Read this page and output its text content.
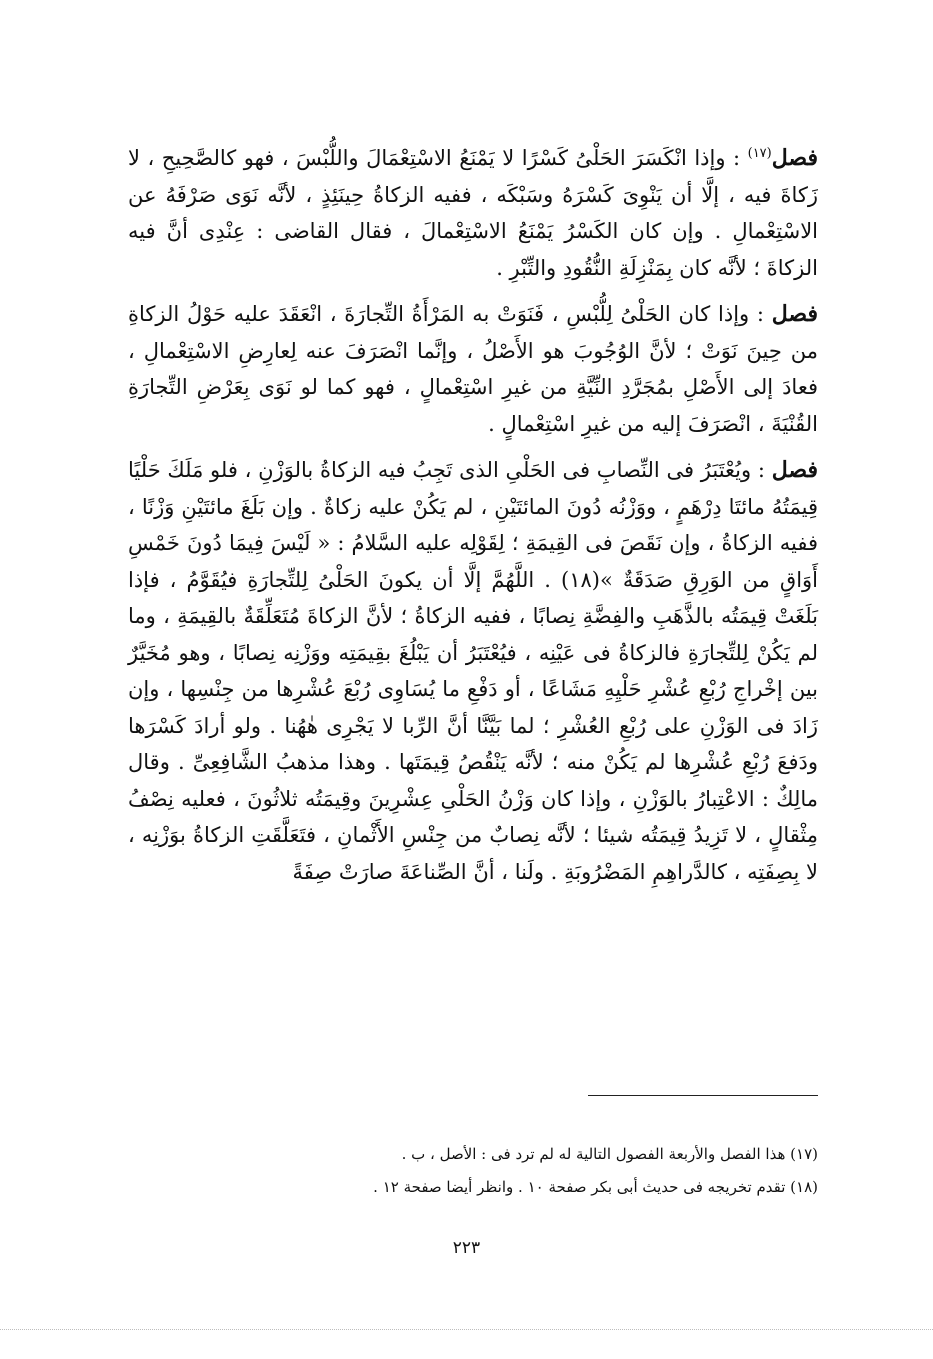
فصل$^{(١٧)}$ : وإذا انْكَسَرَ الحَلْىُ كَسْرًا لا يَمْنَعُ الاسْتِعْمَالَ واللُّبْسَ ، فهو كالصَّحِيحِ ، لا زَكاةَ فيه ، إلَّا أن يَنْوِىَ كَسْرَهُ وسَبْكَه ، ففيه الزكاةُ حِينَئِذٍ ، لأنَّه نَوَى صَرْفَهُ عن الاسْتِعْمالِ . وإن كان الكَسْرُ يَمْنَعُ الاسْتِعْمالَ ، فقال القاضى : عِنْدِى أنَّ فيه الزكاةَ ؛ لأنَّه كان بِمَنْزِلَةِ النُّقُودِ والتِّبْرِ .

فصل : وإذا كان الحَلْىُ لِلُّبْسِ ، فَنَوَتْ به المَرْأَةُ التِّجارَةَ ، انْعَقَدَ عليه حَوْلُ الزكاةِ من حِينَ نَوَتْ ؛ لأنَّ الوُجُوبَ هو الأَصْلُ ، وإنَّما انْصَرَفَ عنه لِعارِضِ الاسْتِعْمالِ ، فعادَ إلى الأَصْلِ بمُجَرَّدِ النِّيَّةِ من غيرِ اسْتِعْمالٍ ، فهو كما لو نَوَى بِعَرْضِ التِّجارَةِ القُنْيَةَ ، انْصَرَفَ إليه من غيرِ اسْتِعْمالٍ .

فصل : ويُعْتَبَرُ فى النِّصابِ فى الحَلْىِ الذى تَجِبُ فيه الزكاةُ بالوَزْنِ ، فلو مَلَكَ حَلْيًا قِيمَتُهُ مائتَا دِرْهَمٍ ، ووَزْنُه دُونَ المائتَيْنِ ، لم يَكُنْ عليه زكاةٌ . وإن بَلَغَ مائتَيْنِ وَزْنًا ، ففيه الزكاةُ ، وإن نَقَصَ فى القِيمَةِ ؛ لِقَوْلِه عليه السَّلامُ : « لَيْسَ فِيمَا دُونَ خَمْسِ أَوَاقٍ من الوَرِقِ صَدَقَةٌ »(١٨) . اللَّهُمَّ إلَّا أن يكونَ الحَلْىُ لِلتِّجارَةِ فيُقَوَّمُ ، فإذا بَلَغَتْ قِيمَتُه بالذَّهَبِ والفِضَّةِ نِصابًا ، ففيه الزكاةُ ؛ لأنَّ الزكاةَ مُتَعَلِّقَةٌ بالقِيمَةِ ، وما لم يَكُنْ لِلتِّجارَةِ فالزكاةُ فى عَيْنِه ، فيُعْتَبَرُ أن يَبْلُغَ بقِيمَتِه ووَزْنِه نِصابًا ، وهو مُخَيَّرٌ بين إخْراجِ رُبْعِ عُشْرِ حَلْيِهِ مَشَاعًا ، أو دَفْعِ ما يُسَاوِى رُبْعَ عُشْرِها من جِنْسِها ، وإن زَادَ فى الوَزْنِ على رُبْعِ العُشْرِ ؛ لما بَيَّنَّا أنَّ الرِّبا لا يَجْرِى هٰهُنا . ولو أرادَ كَسْرَها ودَفعَ رُبْعِ عُشْرِها لم يَكُنْ منه ؛ لأنَّه يَنْقُصُ قِيمَتَها . وهذا مذهبُ الشَّافِعِىِّ . وقال مالِكٌ : الاعْتِبارُ بالوَزْنِ ، وإذا كان وَزْنُ الحَلْىِ عِشْرِينَ وقِيمَتُه ثلاثُونَ ، فعليه نِصْفُ مِثْقالٍ ، لا تَزِيدُ قِيمَتُه شيئا ؛ لأنَّه نِصابٌ من جِنْسِ الأَثْمانِ ، فتَعَلَّقَتِ الزكاةُ بوَزْنِه ، لا بِصِفَتِه ، كالدَّراهِمِ المَضْرُوبَةِ . ولَنا ، أنَّ الصِّناعَةَ صارَتْ صِفَةً

(١٧) هذا الفصل والأربعة الفصول التالية له لم ترد فى : الأصل ، ب .

(١٨) تقدم تخريجه فى حديث أبى بكر صفحة ١٠ . وانظر أيضا صفحة ١٢ .

٢٢٣
